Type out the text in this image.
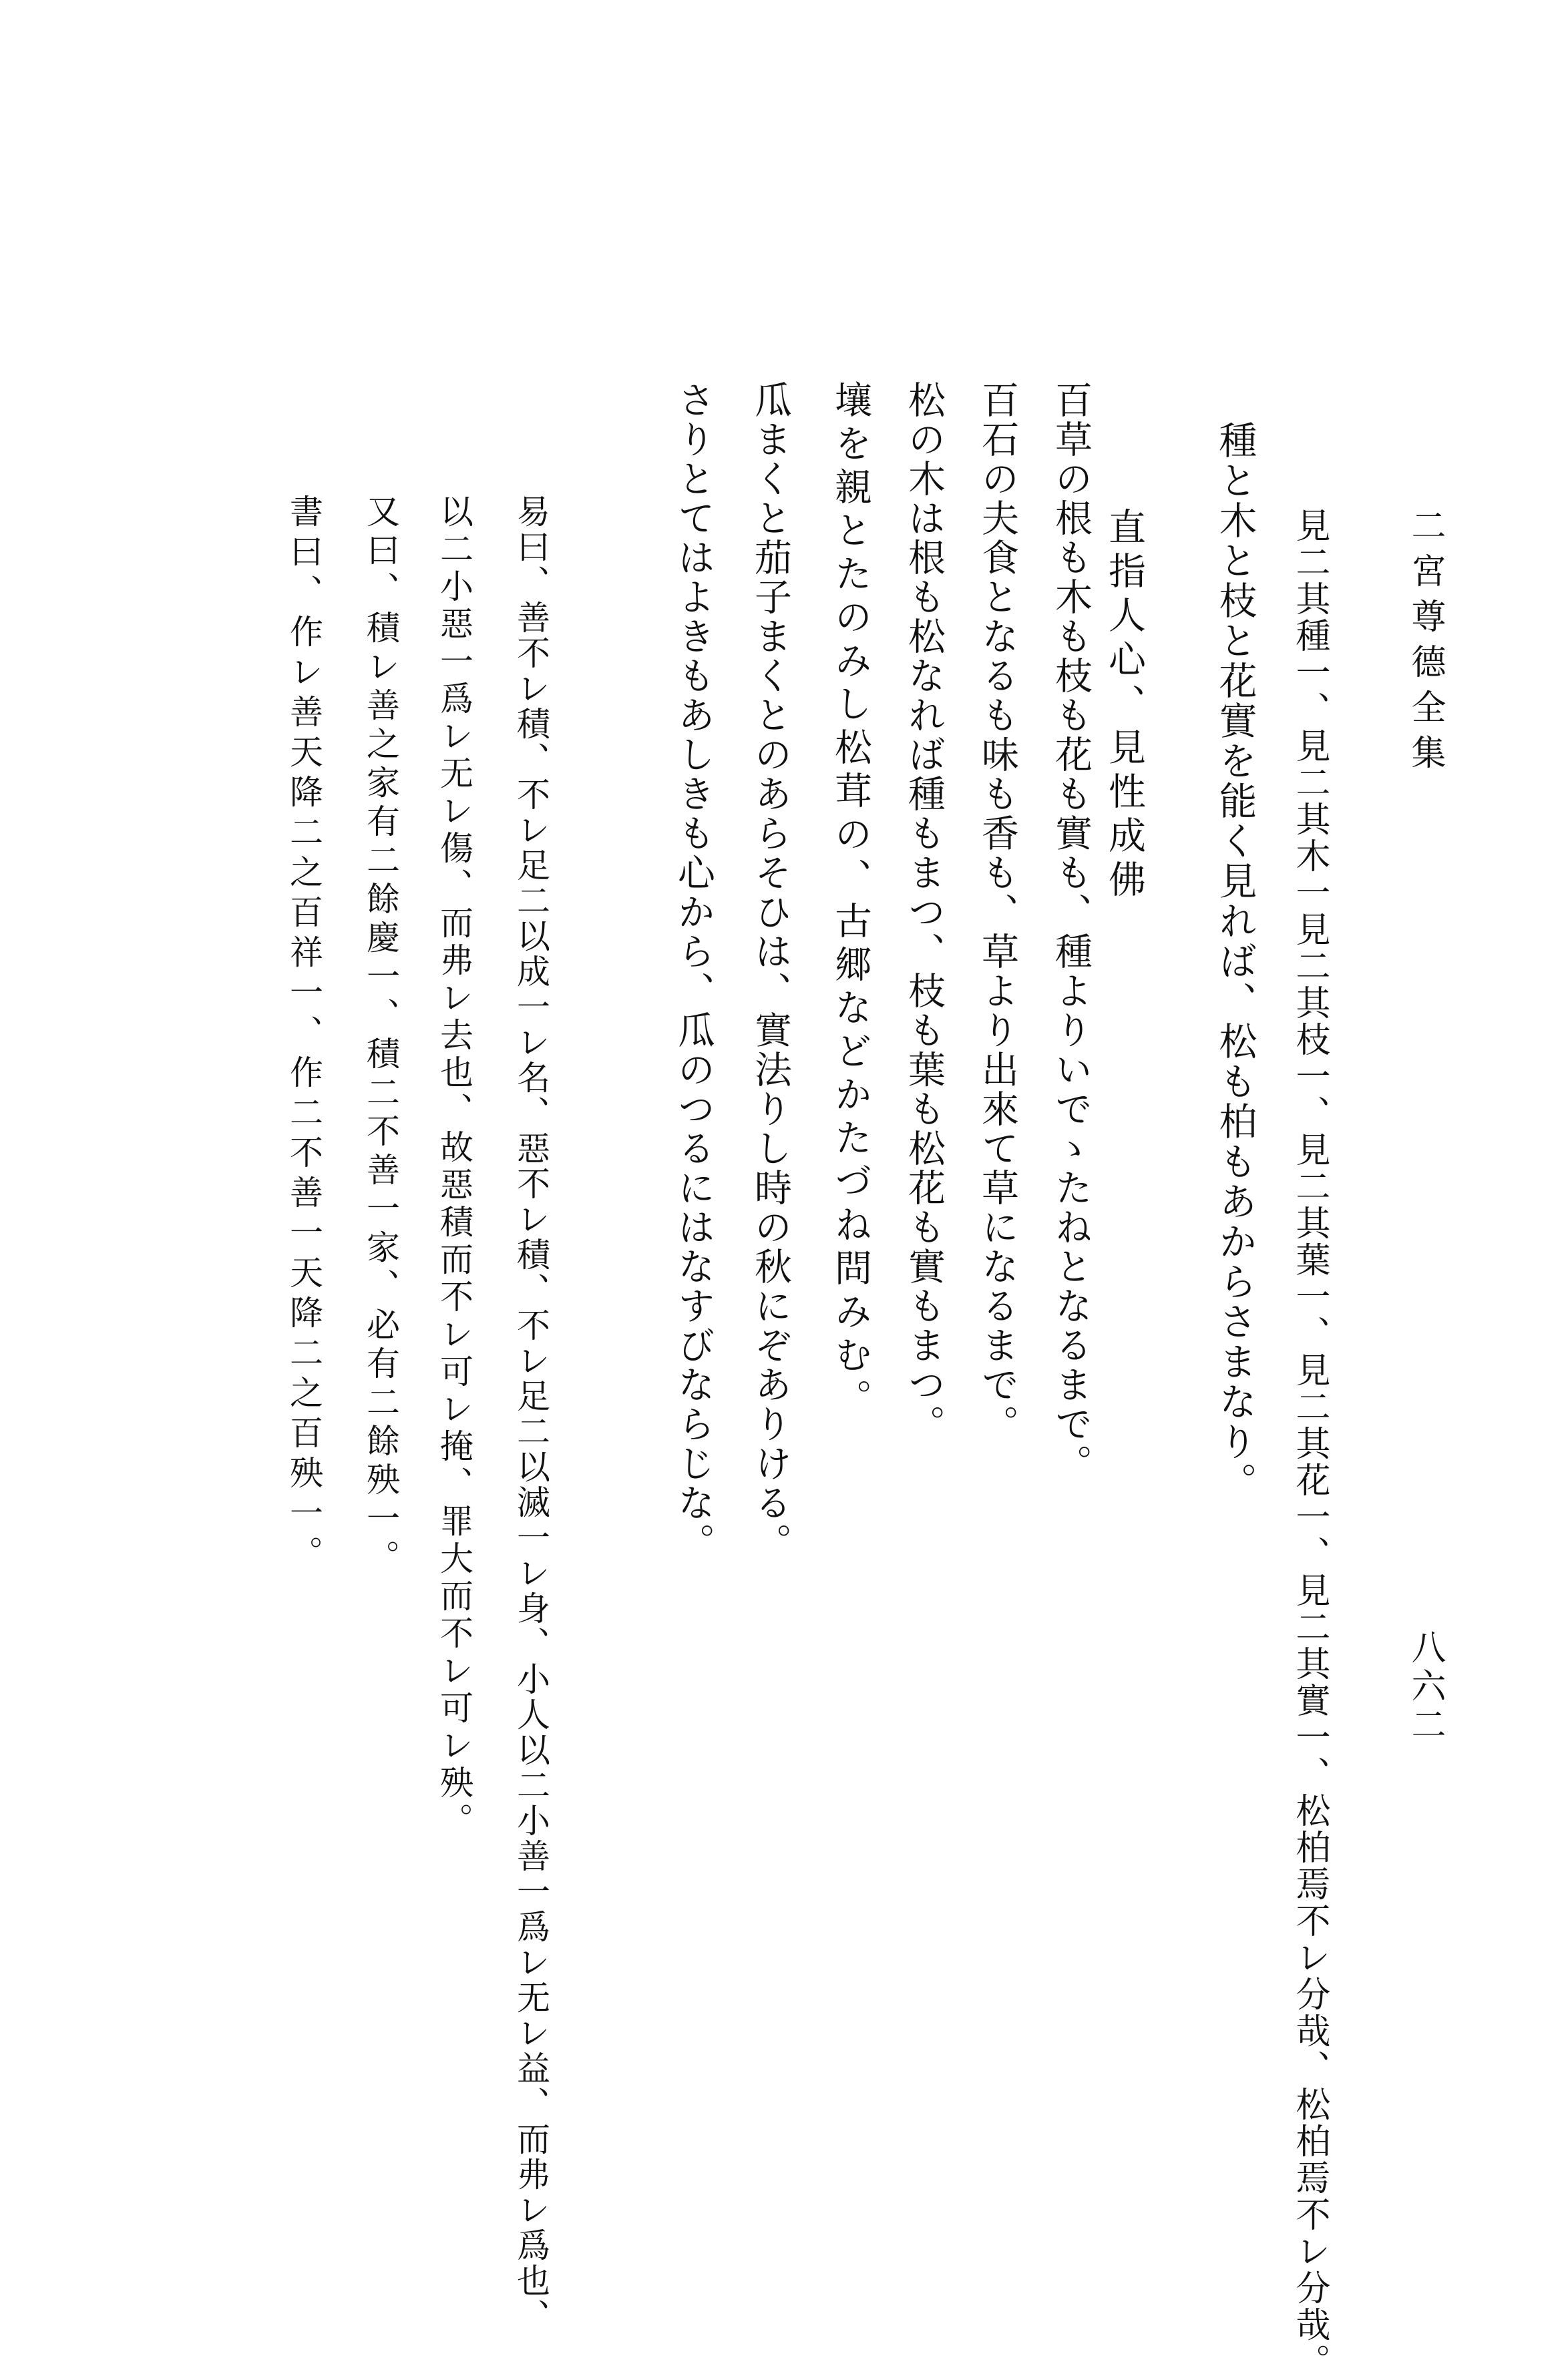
二宮尊德全集
八六二
見二其種一、見二其木一見二其枝一、見二其葉一、見二其花一、見二其實一、松柏焉不レ分哉、松柏焉不レ分哉。
種と木と枝と花實を能く見れば、松も柏もあからさまなり。
直指人心、見性成佛
百草の根も木も枝も花も實も、種よりいでゝたねとなるまで。
百石の夫食となるも味も香も、草より出來て草になるまで。
松の木は根も松なれば種もまつ、枝も葉も松花も實もまつ。
壤を親とたのみし松茸の、古郷などかたづね問みむ。
瓜まくと茄子まくとのあらそひは、實法りし時の秋にぞありける。
さりとてはよきもあしきも心から、瓜のつるにはなすびならじな。
易曰、善不レ積、不レ足二以成一レ名、惡不レ積、不レ足二以滅一レ身、小人以二小善一爲レ无レ益、而弗レ爲也、
以二小惡一爲レ无レ傷、而弗レ去也、故惡積而不レ可レ掩、罪大而不レ可レ殃。
又曰、積レ善之家有二餘慶一、積二不善一家、必有二餘殃一。
書曰、作レ善天降二之百祥一、作二不善一天降二之百殃一。
